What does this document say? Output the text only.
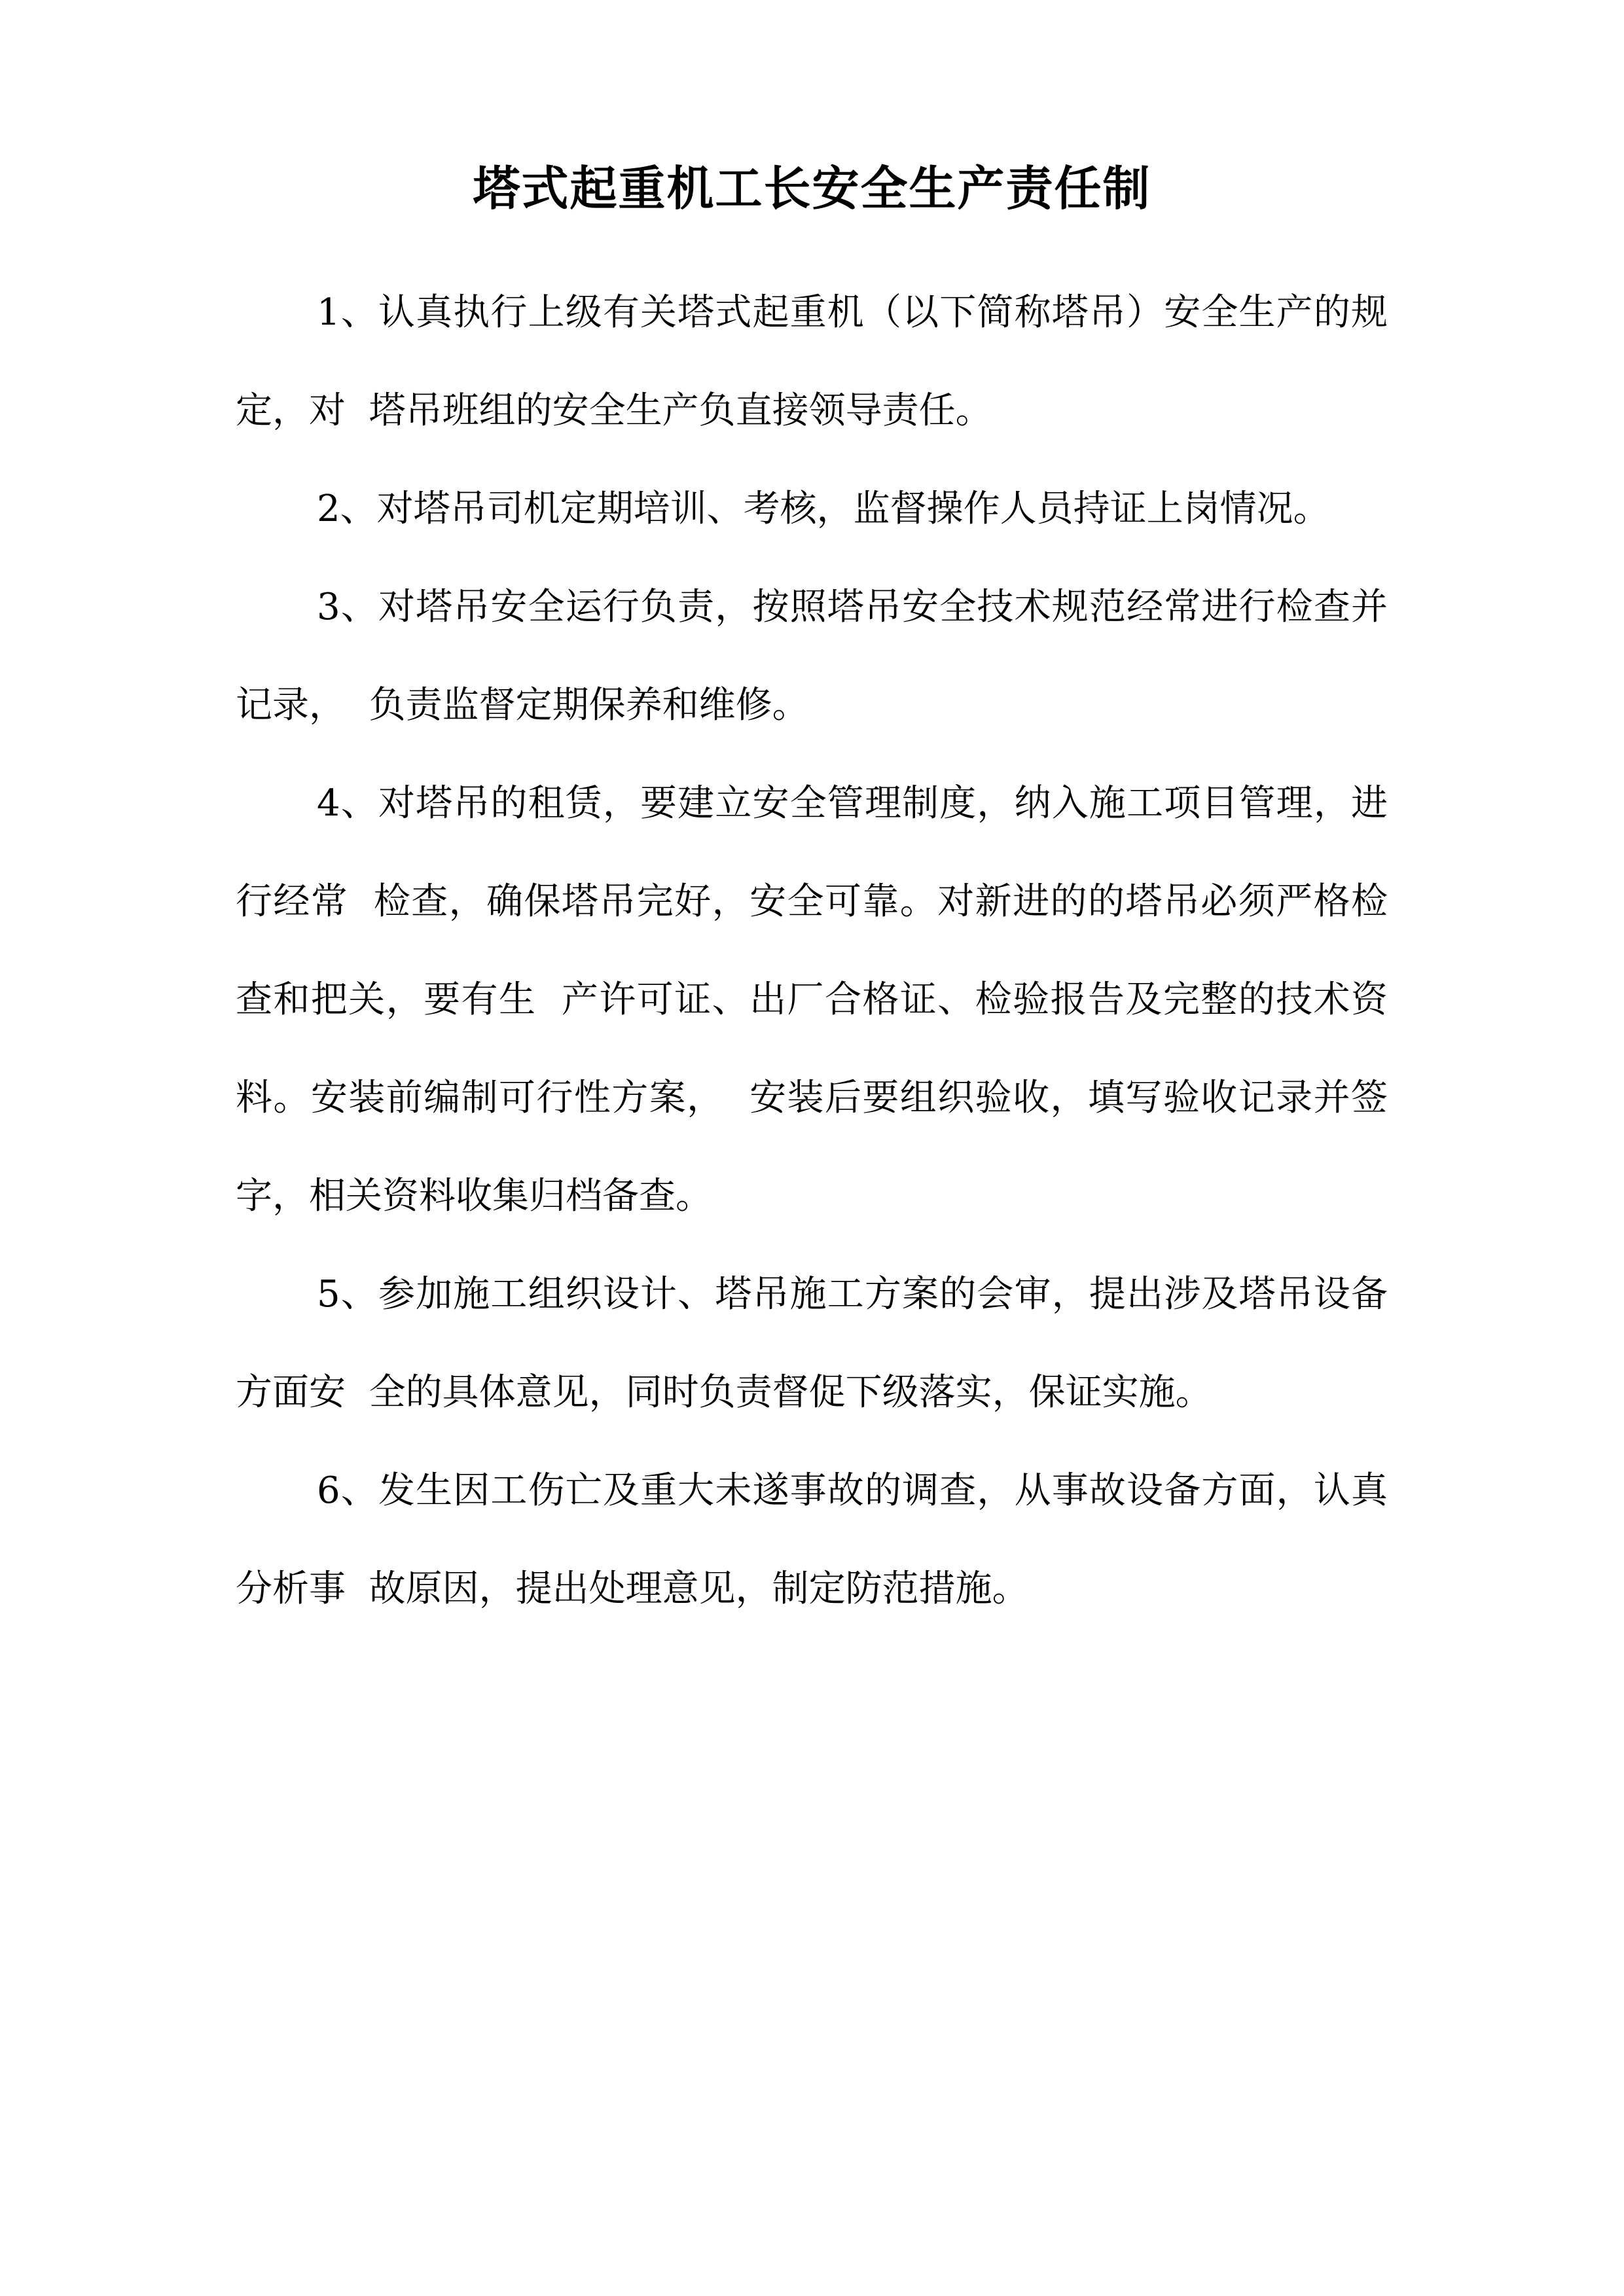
塔式起重机工长安全生产责任制
1、认真执行上级有关塔式起重机（以下简称塔吊）安全生产的规
定，对  塔吊班组的安全生产负直接领导责任。
2、对塔吊司机定期培训、考核，监督操作人员持证上岗情况。
3、对塔吊安全运行负责，按照塔吊安全技术规范经常进行检查并
记录，  负责监督定期保养和维修。
4、对塔吊的租赁，要建立安全管理制度，纳入施工项目管理，进
行经常  检查，确保塔吊完好，安全可靠。对新进的的塔吊必须严格检
查和把关，要有生  产许可证、出厂合格证、检验报告及完整的技术资
料。安装前编制可行性方案，  安装后要组织验收，填写验收记录并签
字，相关资料收集归档备查。
5、参加施工组织设计、塔吊施工方案的会审，提出涉及塔吊设备
方面安  全的具体意见，同时负责督促下级落实，保证实施。
6、发生因工伤亡及重大未遂事故的调查，从事故设备方面，认真
分析事  故原因，提出处理意见，制定防范措施。
